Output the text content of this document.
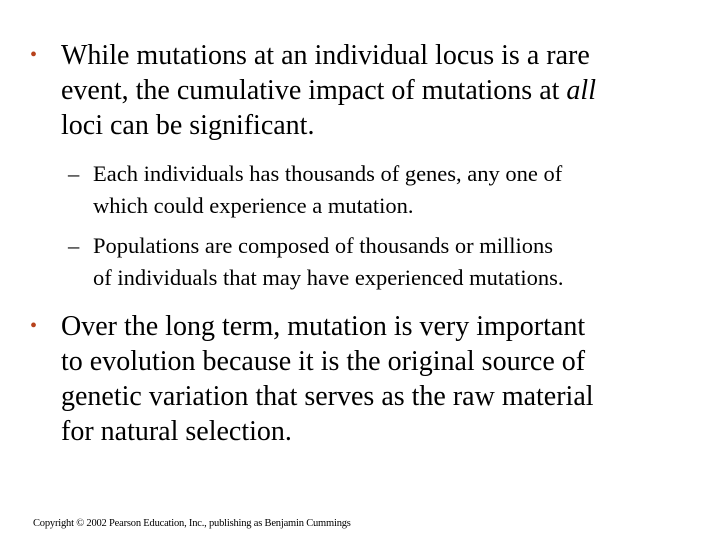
• While mutations at an individual locus is a rare
event, the cumulative impact of mutations at all
loci can be significant.
– Each individuals has thousands of genes, any one of
which could experience a mutation.
– Populations are composed of thousands or millions
of individuals that may have experienced mutations.
• Over the long term, mutation is very important
to evolution because it is the original source of
genetic variation that serves as the raw material
for natural selection.
Copyright © 2002 Pearson Education, Inc., publishing as Benjamin Cummings
